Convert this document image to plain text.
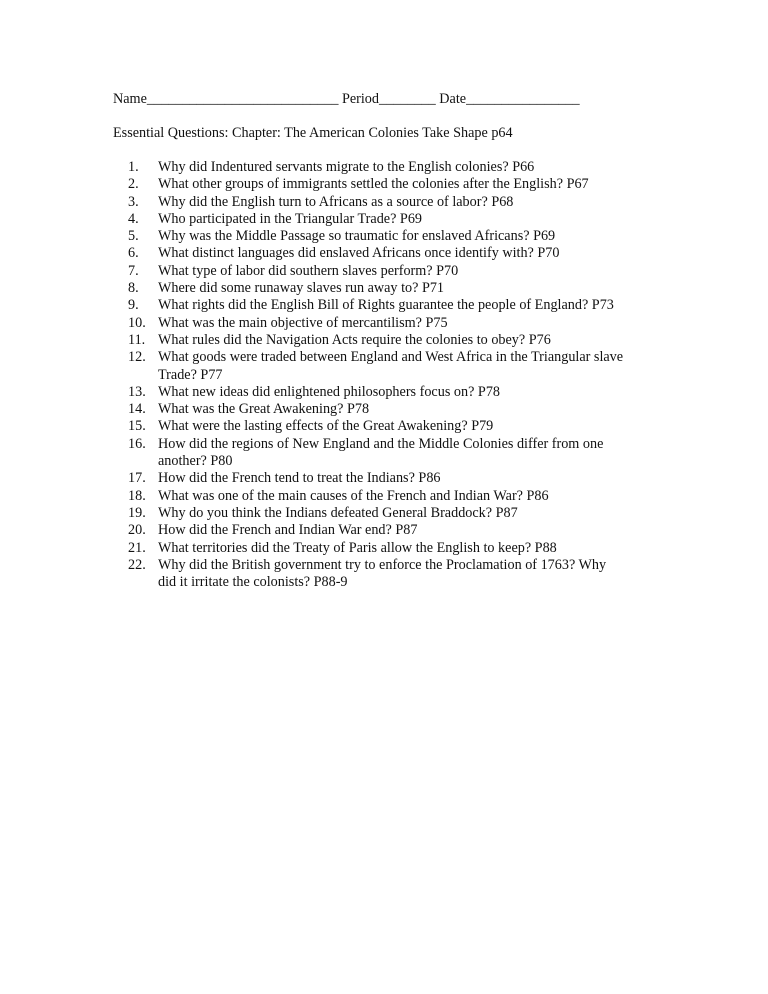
Name___________________________ Period________ Date________________
Essential Questions: Chapter: The American Colonies Take Shape p64
1.	Why did Indentured servants migrate to the English colonies? P66
2.	What other groups of immigrants settled the colonies after the English? P67
3.	Why did the English turn to Africans as a source of labor? P68
4.	Who participated in the Triangular Trade? P69
5.	Why was the Middle Passage so traumatic for enslaved Africans? P69
6.	What distinct languages did enslaved Africans once identify with? P70
7.	What type of labor did southern slaves perform? P70
8.	Where did some runaway slaves run away to? P71
9.	What rights did the English Bill of Rights guarantee the people of England? P73
10. What was the main objective of mercantilism? P75
11. What rules did the Navigation Acts require the colonies to obey? P76
12. What goods were traded between England and West Africa in the Triangular slave
Trade? P77
13. What new ideas did enlightened philosophers focus on? P78
14. What was the Great Awakening? P78
15. What were the lasting effects of the Great Awakening? P79
16. How did the regions of New England and the Middle Colonies differ from one
another? P80
17. How did the French tend to treat the Indians? P86
18. What was one of the main causes of the French and Indian War? P86
19. Why do you think the Indians defeated General Braddock? P87
20. How did the French and Indian War end? P87
21. What territories did the Treaty of Paris allow the English to keep? P88
22. Why did the British government try to enforce the Proclamation of 1763? Why
did it irritate the colonists? P88-9
